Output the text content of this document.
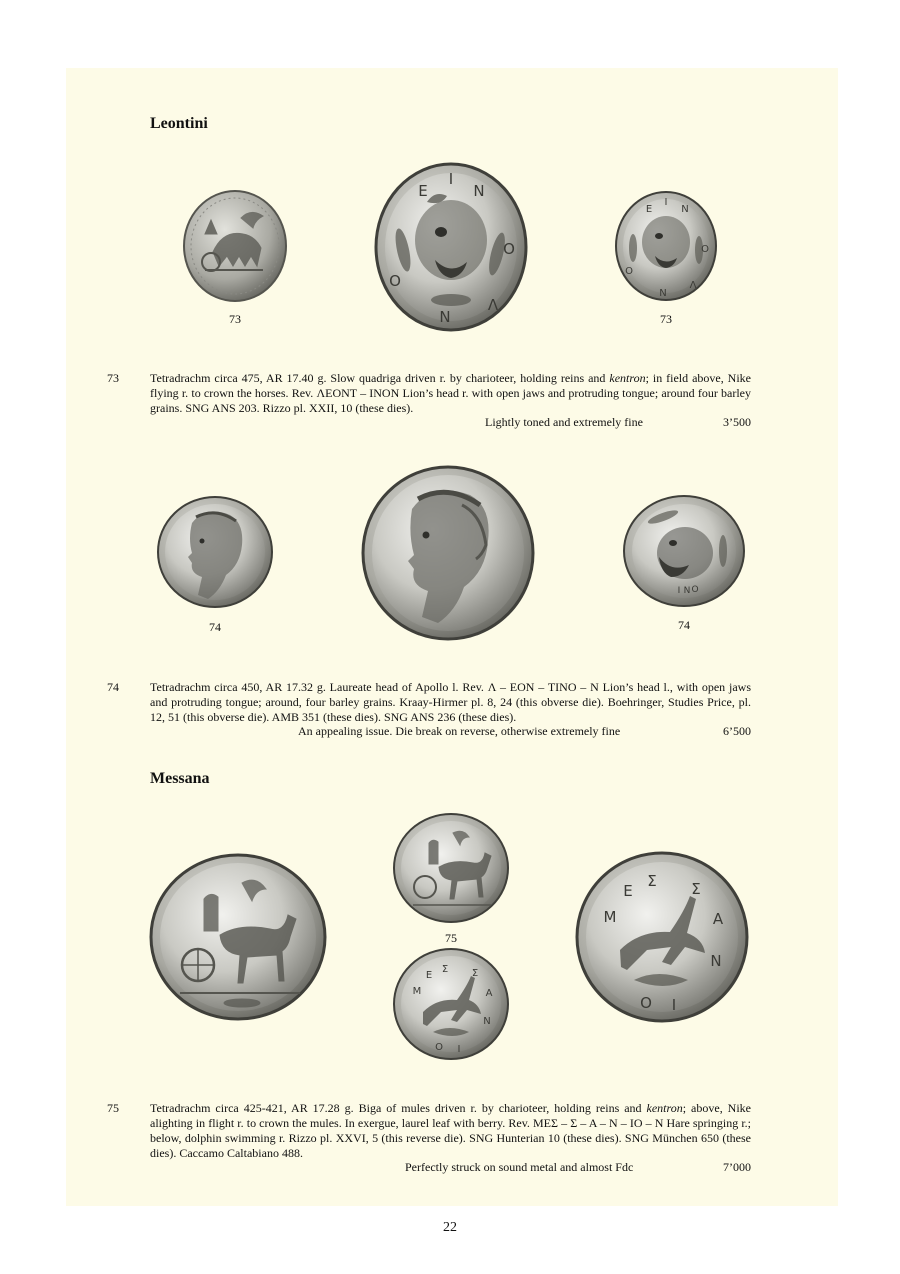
Leontini
Ε
Ι
Ν
Ο
Λ
Ν
Ο
Ε
Ι
Ν
Ο
Λ
Ν
Ο
73	73
73	Tetradrachm circa 475, AR 17.40 g. Slow quadriga driven r. by charioteer, holding reins and kentron; in field above, Nike flying r. to crown the horses. Rev. ΛΕΟΝΤ – ΙΝΟΝ Lion’s head r. with open jaws and protruding tongue; around four barley grains. SNG ANS 203. Rizzo pl. XXII, 10 (these dies).

Lightly toned and extremely fine	3’500
Ι Ν Ο
74	74
74	Tetradrachm circa 450, AR 17.32 g. Laureate head of Apollo l. Rev. Λ – ΕΟΝ – ΤΙΝΟ – Ν Lion’s head l., with open jaws and protruding tongue; around, four barley grains. Kraay-Hirmer pl. 8, 24 (this obverse die). Boehringer, Studies Price, pl. 12, 51 (this obverse die). AMB 351 (these dies). SNG ANS 236 (these dies).

An appealing issue. Die break on reverse, otherwise extremely fine	6’500
Messana
75
Μ
Ε
Σ Σ
Α
Ν
Ι
Ο
Μ
Ε
Σ Σ
Α
Ν
Ι
Ο
75	Tetradrachm circa 425-421, AR 17.28 g. Biga of mules driven r. by charioteer, holding reins and kentron; above, Nike alighting in flight r. to crown the mules. In exergue, laurel leaf with berry. Rev. ΜΕΣ – Σ – Α – Ν – ΙΟ – Ν Hare springing r.; below, dolphin swimming r. Rizzo pl. XXVI, 5 (this reverse die). SNG Hunterian 10 (these dies). SNG München 650 (these dies). Caccamo Caltabiano 488.

Perfectly struck on sound metal and almost Fdc	7’000
22
